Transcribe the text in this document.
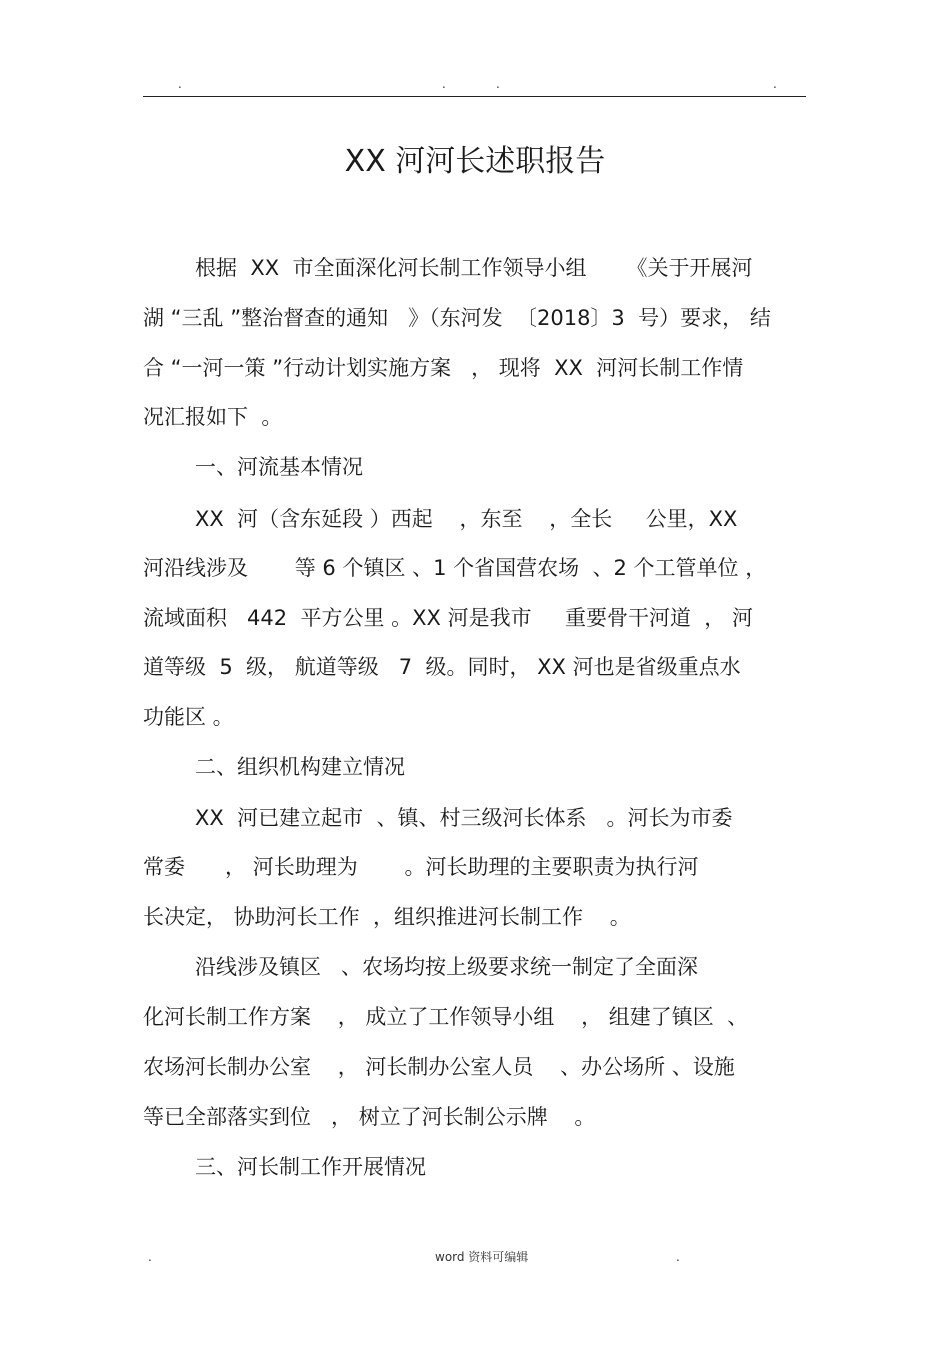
.	.	.	.
XX 河河长述职报告
根据  XX  市全面深化河长制工作领导小组      《关于开展河
湖 “三乱 ”整治督查的通知   》（东河发  〔2018〕3  号）要求， 结
合 “一河一策 ”行动计划实施方案   ， 现将  XX  河河长制工作情
况汇报如下  。
一、河流基本情况
XX  河（含东延段 ）西起    ，东至    ，全长     公里，XX
河沿线涉及       等 6 个镇区 、1 个省国营农场  、2 个工管单位 ，
流域面积   442  平方公里 。XX 河是我市     重要骨干河道  ， 河
道等级  5  级， 航道等级   7  级。同时， XX 河也是省级重点水
功能区 。
二、组织机构建立情况
XX  河已建立起市  、镇、村三级河长体系   。河长为市委
常委      ， 河长助理为       。河长助理的主要职责为执行河
长决定， 协助河长工作  ，组织推进河长制工作    。
沿线涉及镇区   、农场均按上级要求统一制定了全面深
化河长制工作方案    ， 成立了工作领导小组    ， 组建了镇区  、
农场河长制办公室    ， 河长制办公室人员    、办公场所 、设施
等已全部落实到位   ， 树立了河长制公示牌    。
三、河长制工作开展情况
.	word 资料可编辑	.
